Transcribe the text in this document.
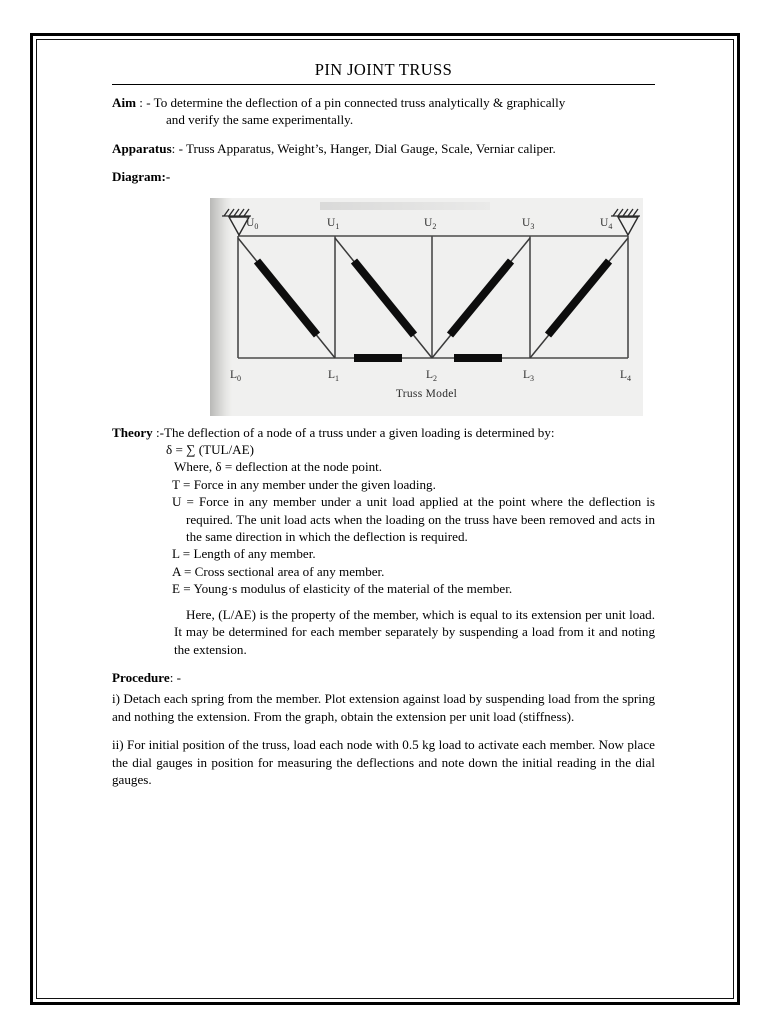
PIN JOINT TRUSS

Aim : - To determine the deflection of a pin connected truss analytically & graphically

and verify the same experimentally.

Apparatus: - Truss Apparatus, Weight’s, Hanger, Dial Gauge, Scale, Verniar caliper.

Diagram:-

$U_0$	$U_1$	$U_2$	$U_3$	$U_4$
$L_0$	$L_1$	$L_2$	$L_3$	$L_4$
Truss Model

Theory :-The deflection of a node of a truss under a given loading is determined by:

δ = ∑ (TUL/AE)

Where, δ = deflection at the node point.

T = Force in any member under the given loading.

U = Force in any member under a unit load applied at the point where the deflection is required. The unit load acts when the loading on the truss have been removed and acts in the same direction in which the deflection is required.

L = Length of any member.

A = Cross sectional area of any member.

E = Young·s modulus of elasticity of the material of the member.

Here, (L/AE) is the property of the member, which is equal to its extension per unit load. It may be determined for each member separately by suspending a load from it and noting the extension.

Procedure: -

i) Detach each spring from the member. Plot extension against load by suspending load from the spring and nothing the extension. From the graph, obtain the extension per unit load (stiffness).

ii) For initial position of the truss, load each node with 0.5 kg load to activate each member. Now place the dial gauges in position for measuring the deflections and note down the initial reading in the dial gauges.
